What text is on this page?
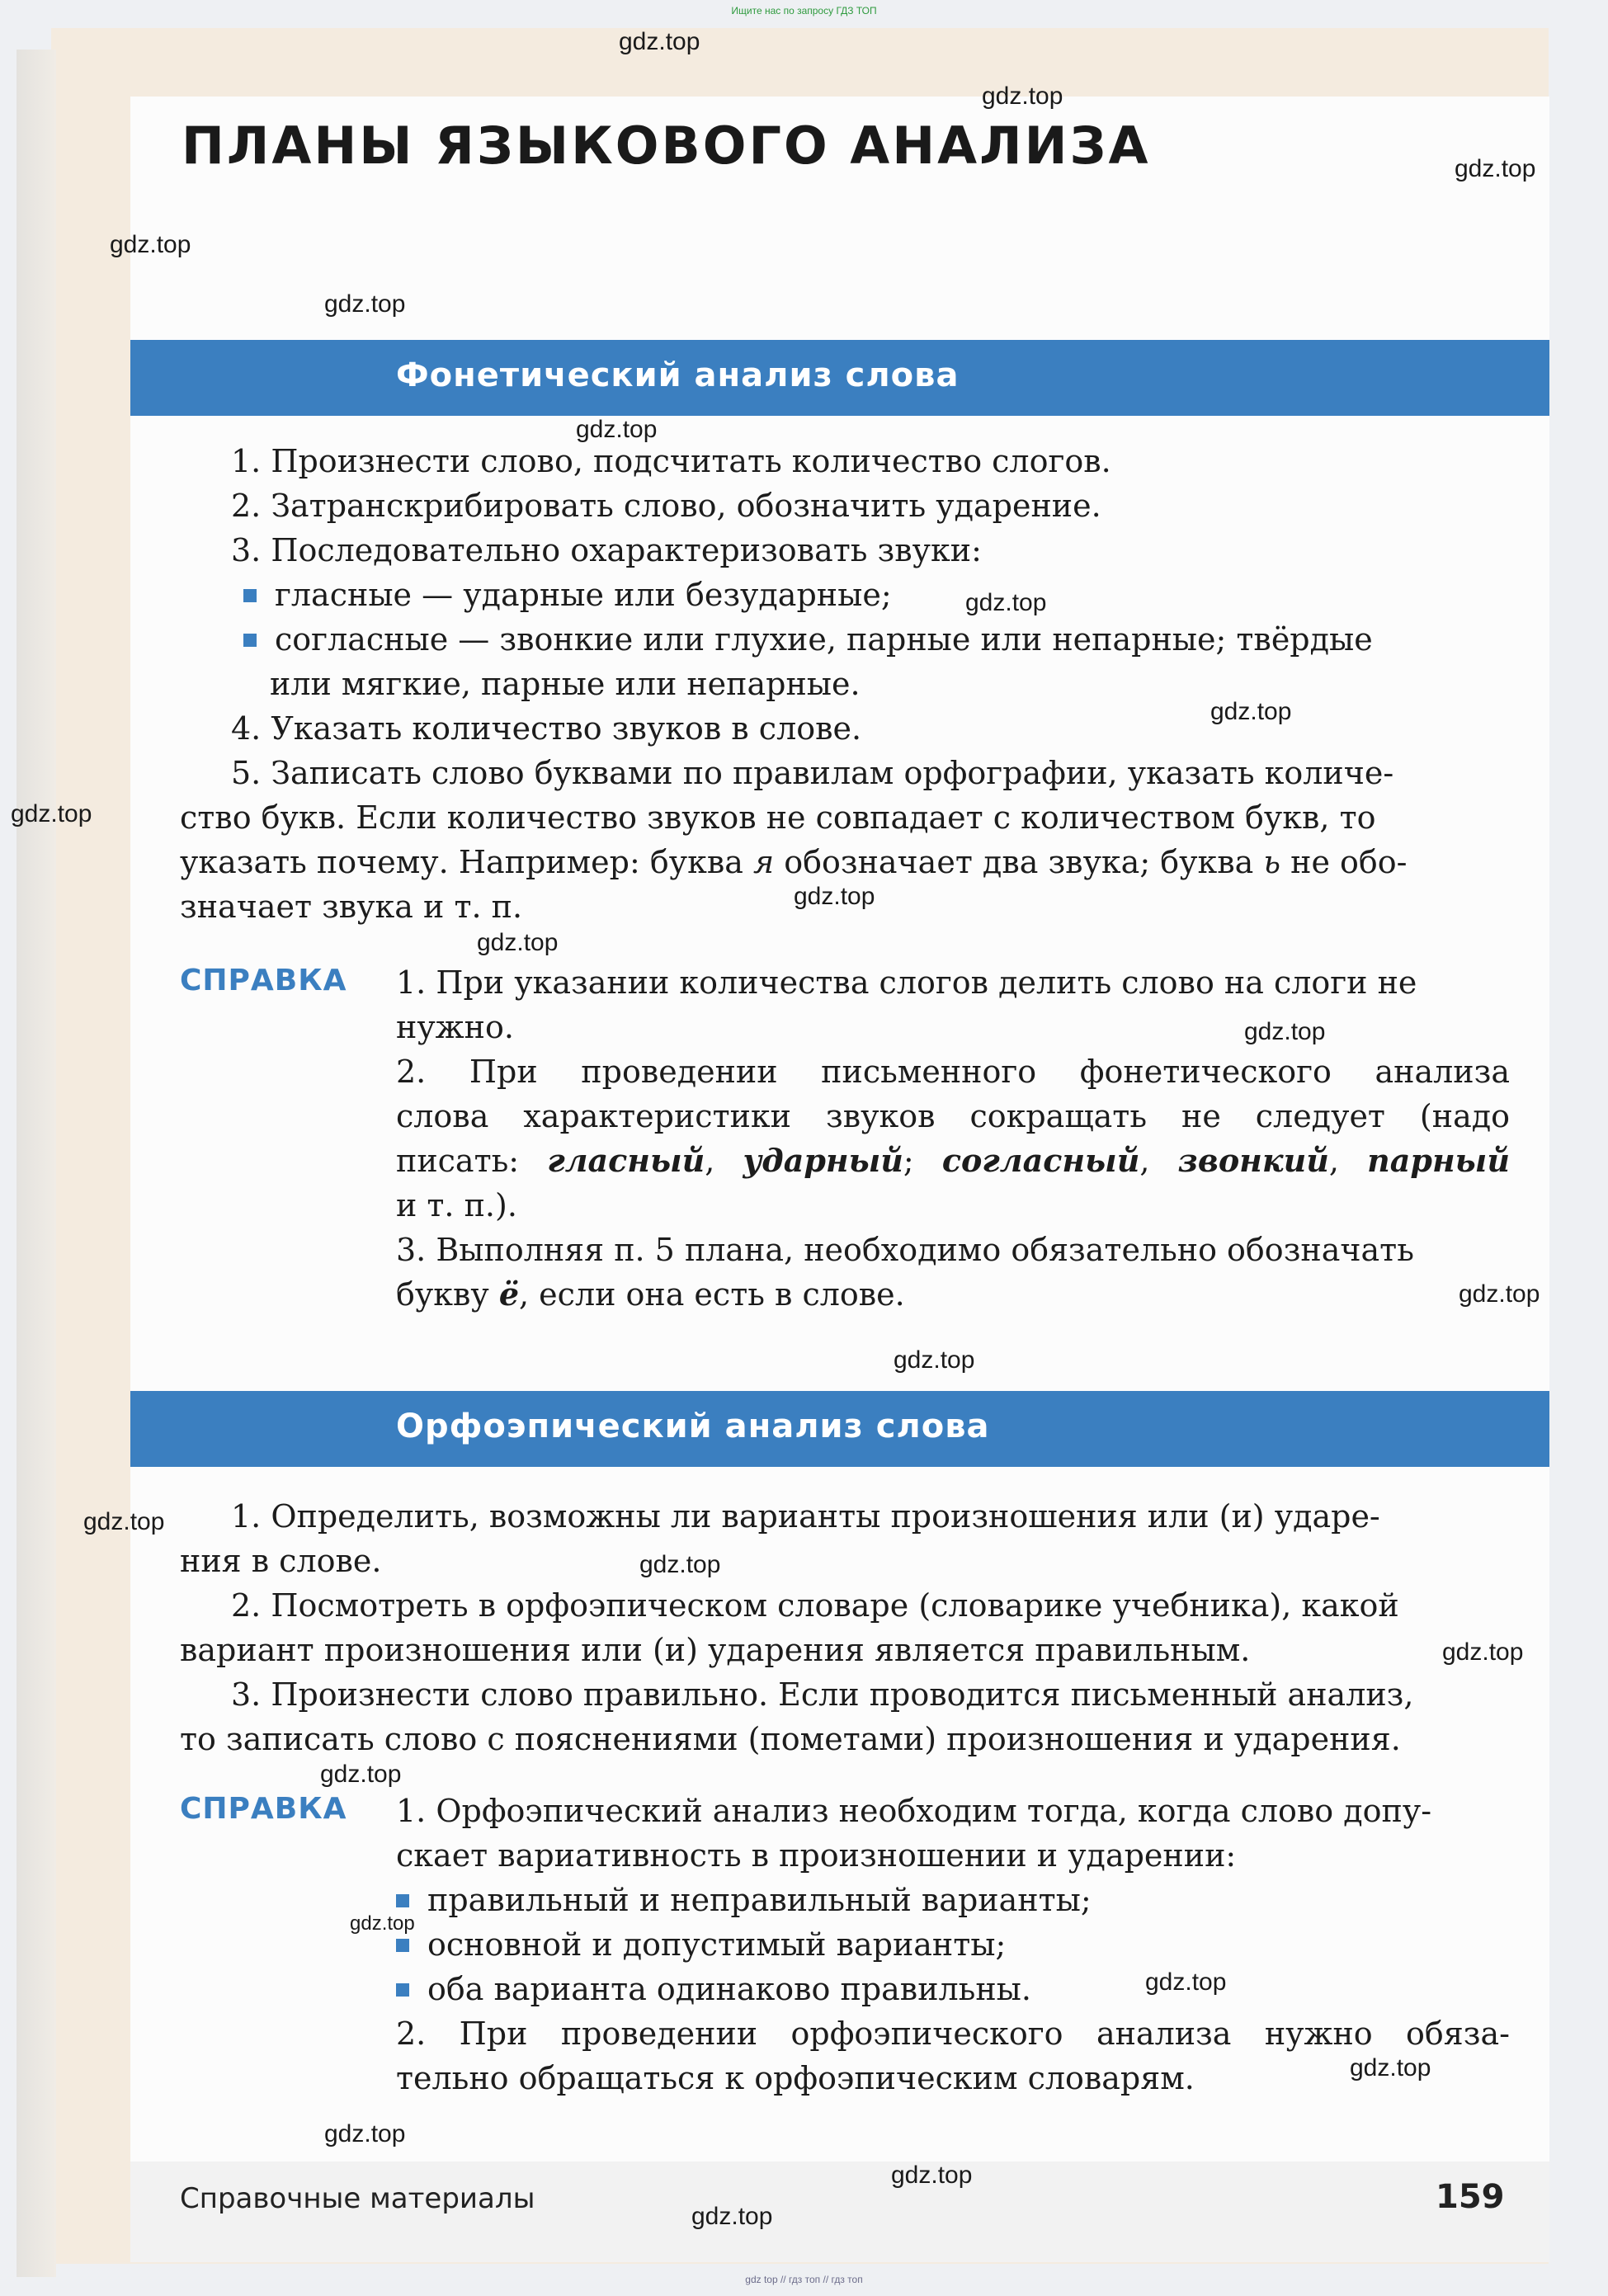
Ищите нас по запросу ГДЗ ТОП
ПЛАНЫ ЯЗЫКОВОГО АНАЛИЗА
Фонетический анализ слова

1. Произнести слово, подсчитать количество слогов.

2. Затранскрибировать слово, обозначить ударение.

3. Последовательно охарактеризовать звуки:

гласные — ударные или безударные;

согласные — звонкие или глухие, парные или непарные; твёрдые

или мягкие, парные или непарные.

4. Указать количество звуков в слове.

5. Записать слово буквами по правилам орфографии, указать количе-

ство букв. Если количество звуков не совпадает с количеством букв, то

указать почему. Например: буква я обозначает два звука; буква ь не обо-

значает звука и т. п.

СПРАВКА 1. При указании количества слогов делить слово на слоги не

нужно.

2. При проведении письменного фонетического анализа

слова характеристики звуков сокращать не следует (надо

писать: гласный, ударный; согласный, звонкий, парный

и т. п.).

3. Выполняя п. 5 плана, необходимо обязательно обозначать

букву ё, если она есть в слове.

Орфоэпический анализ слова

1. Определить, возможны ли варианты произношения или (и) ударе-

ния в слове.

2. Посмотреть в орфоэпическом словаре (словарике учебника), какой

вариант произношения или (и) ударения является правильным.

3. Произнести слово правильно. Если проводится письменный анализ,

то записать слово с пояснениями (пометами) произношения и ударения.

СПРАВКА 1. Орфоэпический анализ необходим тогда, когда слово допу-

скает вариативность в произношении и ударении:

правильный и неправильный варианты;

основной и допустимый варианты;

оба варианта одинаково правильны.

2. При проведении орфоэпического анализа нужно обяза-

тельно обращаться к орфоэпическим словарям.

Справочные материалы	159
gdz.top
gdz.top
gdz.top
gdz.top
gdz.top
gdz.top
gdz.top
gdz.top
gdz.top
gdz.top
gdz.top
gdz.top
gdz.top
gdz.top
gdz.top
gdz.top
gdz.top
gdz.top
gdz.top
gdz.top
gdz.top
gdz.top
gdz.top
gdz.top
gdz top // гдз топ // гдз топ
